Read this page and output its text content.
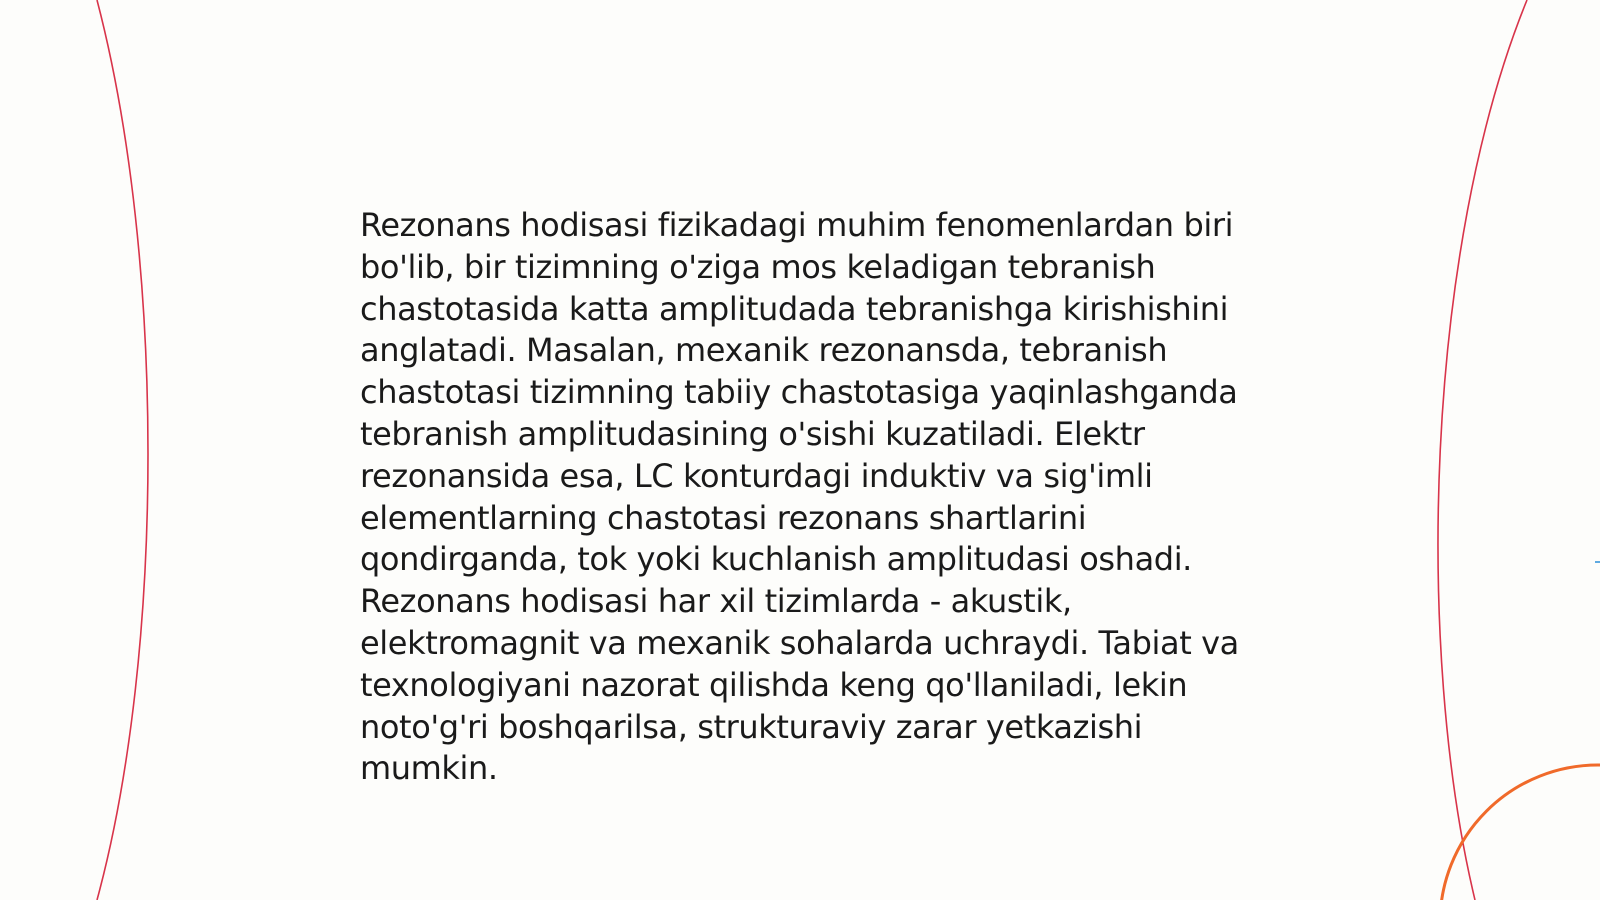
Rezonans hodisasi fizikadagi muhim fenomenlardan biri bo'lib, bir tizimning o'ziga mos keladigan tebranish chastotasida katta amplitudada tebranishga kirishishini anglatadi. Masalan, mexanik rezonansda, tebranish chastotasi tizimning tabiiy chastotasiga yaqinlashganda tebranish amplitudasining o'sishi kuzatiladi. Elektr rezonansida esa, LC konturdagi induktiv va sig'imli elementlarning chastotasi rezonans shartlarini qondirganda, tok yoki kuchlanish amplitudasi oshadi. Rezonans hodisasi har xil tizimlarda - akustik, elektromagnit va mexanik sohalarda uchraydi. Tabiat va texnologiyani nazorat qilishda keng qo'llaniladi, lekin noto'g'ri boshqarilsa, strukturaviy zarar yetkazishi mumkin.
